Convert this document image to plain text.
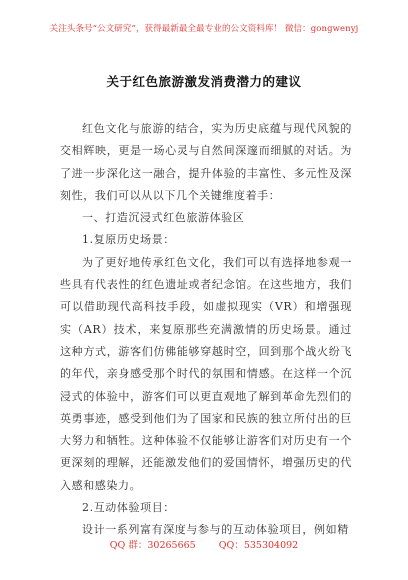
关注头条号“公文研究”，获得最新最全最专业的公文资料库！ 微信：gongwenyj
关于红色旅游激发消费潜力的建议

红色文化与旅游的结合，实为历史底蕴与现代风貌的交相辉映，更是一场心灵与自然间深邃而细腻的对话。为了进一步深化这一融合，提升体验的丰富性、多元性及深刻性，我们可以从以下几个关键维度着手：

一、打造沉浸式红色旅游体验区

1.复原历史场景：

为了更好地传承红色文化，我们可以有选择地参观一些具有代表性的红色遗址或者纪念馆。在这些地方，我们可以借助现代高科技手段，如虚拟现实（VR）和增强现实（AR）技术，来复原那些充满激情的历史场景。通过这种方式，游客们仿佛能够穿越时空，回到那个战火纷飞的年代，亲身感受那个时代的氛围和情感。在这样一个沉浸式的体验中，游客们可以更直观地了解到革命先烈们的英勇事迹，感受到他们为了国家和民族的独立所付出的巨大努力和牺牲。这种体验不仅能够让游客们对历史有一个更深刻的理解，还能激发他们的爱国情怀，增强历史的代入感和感染力。

2.互动体验项目：

设计一系列富有深度与参与的互动体验项目，例如精

QQ 群：30265665 QQ：535304092
